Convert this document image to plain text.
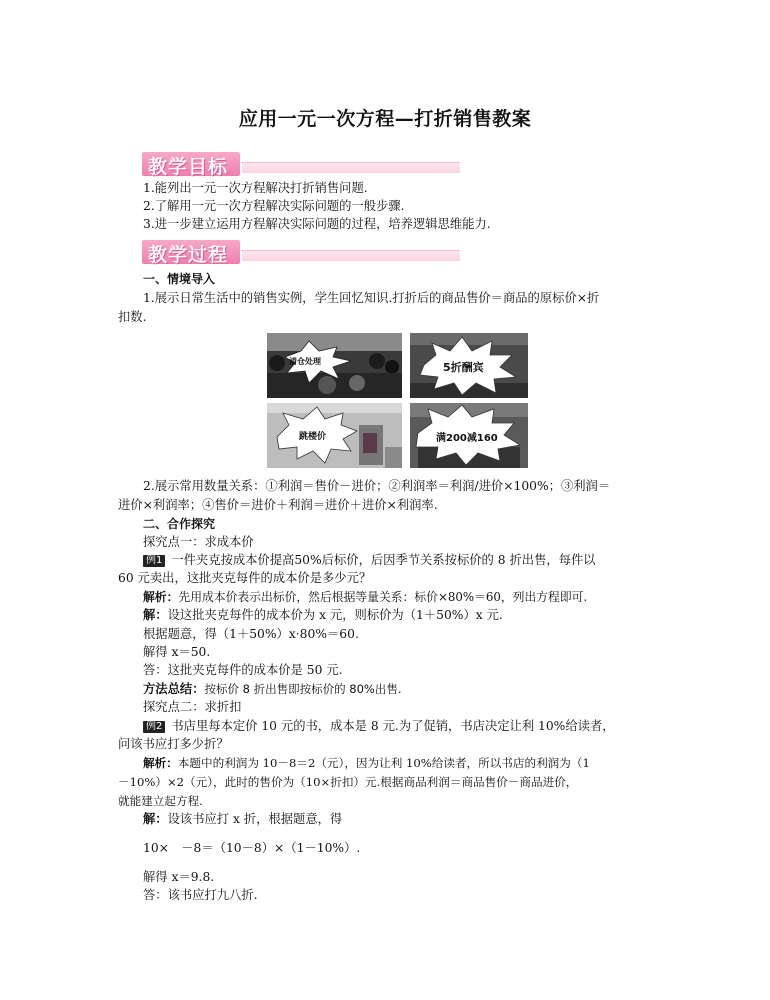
应用一元一次方程—打折销售教案
教学目标
1.能列出一元一次方程解决打折销售问题.
2.了解用一元一次方程解决实际问题的一般步骤.
3.进一步建立运用方程解决实际问题的过程，培养逻辑思维能力.
教学过程
一、情境导入
1.展示日常生活中的销售实例，学生回忆知识.打折后的商品售价＝商品的原标价×折
扣数.
清仓处理	5折酬宾
跳楼价	满200减160
2.展示常用数量关系：①利润＝售价－进价；②利润率＝利润/进价×100%；③利润＝
进价×利润率；④售价＝进价＋利润＝进价＋进价×利润率.
二、合作探究
探究点一：求成本价
例1 一件夹克按成本价提高50%后标价，后因季节关系按标价的 8 折出售，每件以
60 元卖出，这批夹克每件的成本价是多少元？
解析：先用成本价表示出标价，然后根据等量关系：标价×80%＝60，列出方程即可.
解：设这批夹克每件的成本价为 x 元，则标价为（1＋50%）x 元.
根据题意，得（1＋50%）x·80%＝60.
解得 x＝50.
答：这批夹克每件的成本价是 50 元.
方法总结：按标价 8 折出售即按标价的 80%出售.
探究点二：求折扣
例2 书店里每本定价 10 元的书，成本是 8 元.为了促销，书店决定让利 10%给读者，
问该书应打多少折？
解析：本题中的利润为 10－8＝2（元），因为让利 10%给读者，所以书店的利润为（1
－10%）×2（元），此时的售价为（10×折扣）元.根据商品利润＝商品售价－商品进价，
就能建立起方程.
解：设该书应打 x 折，根据题意，得
10×　－8＝（10－8）×（1－10%）.
解得 x＝9.8.
答：该书应打九八折.
